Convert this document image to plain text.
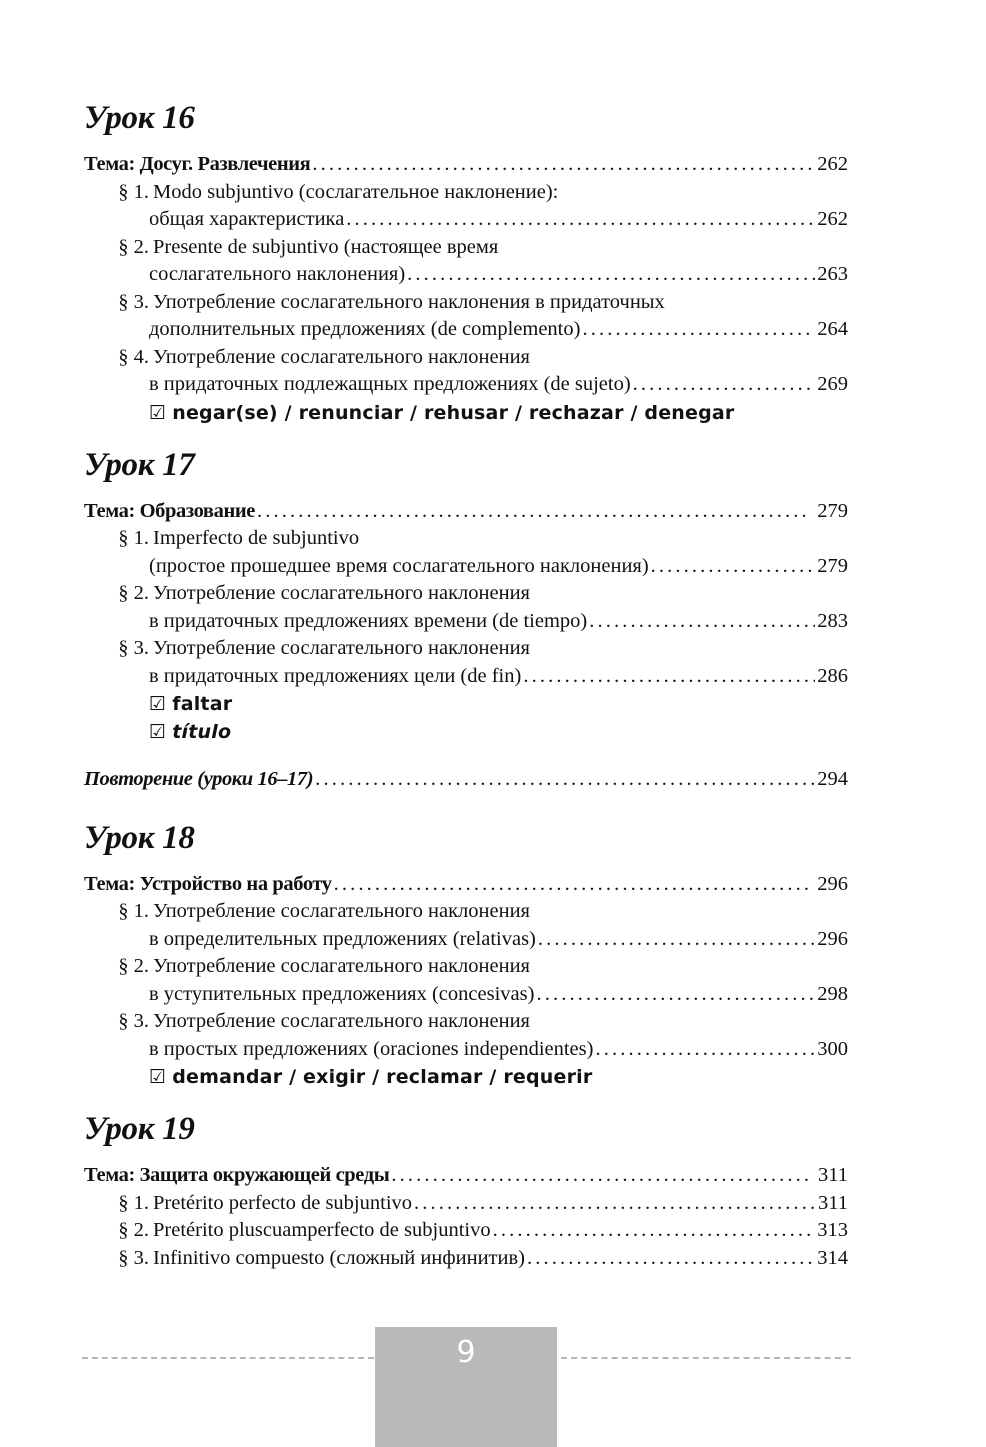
Урок 16
Тема: Досуг. Развлечения . . .	262
§ 1. Modo subjuntivo (сослагательное наклонение):
общая характеристика . . .	262
§ 2. Presente de subjuntivo (настоящее время
сослагательного наклонения) . . .	263
§ 3. Употребление сослагательного наклонения в придаточных
дополнительных предложениях (de complemento) . . .	264
§ 4. Употребление сослагательного наклонения
в придаточных подлежащных предложениях (de sujeto) . . .	269
☑ negar(se) / renunciar / rehusar / rechazar / denegar
Урок 17
Тема: Образование . . .	279
§ 1. Imperfecto de subjuntivo
(простое прошедшее время сослагательного наклонения) . . .	279
§ 2. Употребление сослагательного наклонения
в придаточных предложениях времени (de tiempo) . . .	283
§ 3. Употребление сослагательного наклонения
в придаточных предложениях цели (de fin) . . .	286
☑ faltar
☑ título
Повторение (уроки 16–17) . . .	294
Урок 18
Тема: Устройство на работу . . .	296
§ 1. Употребление сослагательного наклонения
в определительных предложениях (relativas) . . .	296
§ 2. Употребление сослагательного наклонения
в уступительных предложениях (concesivas) . . .	298
§ 3. Употребление сослагательного наклонения
в простых предложениях (oraciones independientes) . . .	300
☑ demandar / exigir / reclamar / requerir
Урок 19
Тема: Защита окружающей среды . . .	311
§ 1. Pretérito perfecto de subjuntivo . . .	311
§ 2. Pretérito pluscuamperfecto de subjuntivo . . .	313
§ 3. Infinitivo compuesto (сложный инфинитив) . . .	314
9
